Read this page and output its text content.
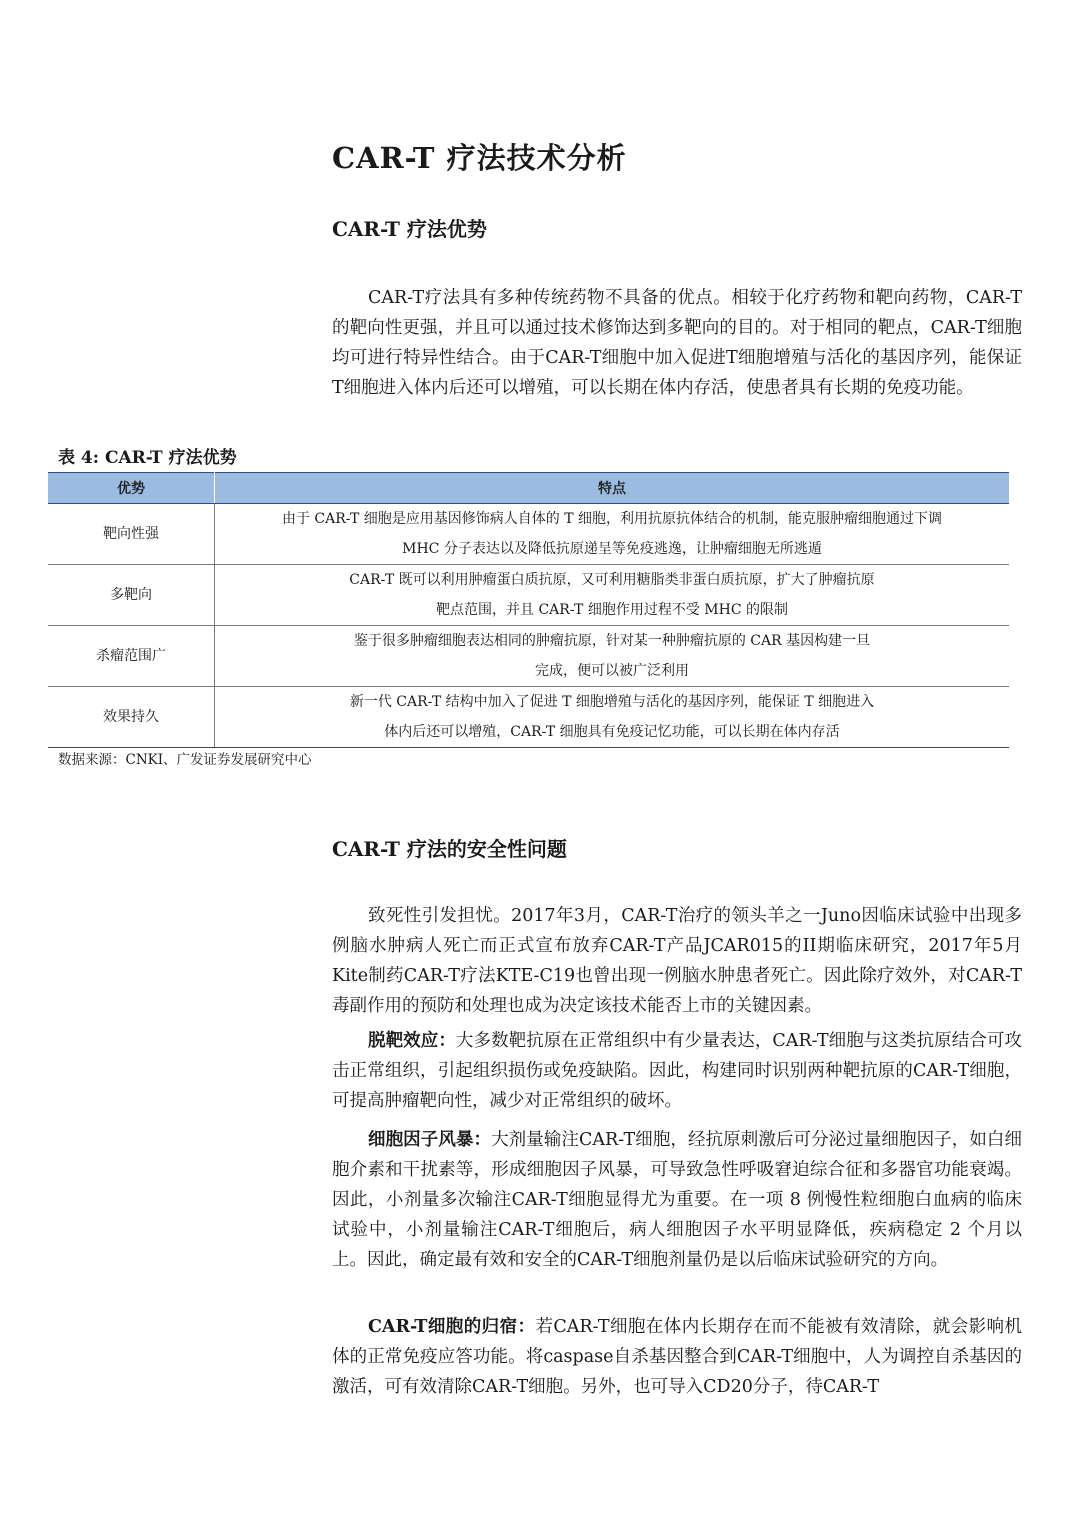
CAR-T 疗法技术分析
CAR-T 疗法优势

CAR-T疗法具有多种传统药物不具备的优点。相较于化疗药物和靶向药物，CAR-T的靶向性更强，并且可以通过技术修饰达到多靶向的目的。对于相同的靶点，CAR-T细胞均可进行特异性结合。由于CAR-T细胞中加入促进T细胞增殖与活化的基因序列，能保证T细胞进入体内后还可以增殖，可以长期在体内存活，使患者具有长期的免疫功能。

表 4: CAR-T 疗法优势

优势	特点
靶向性强	由于 CAR-T 细胞是应用基因修饰病人自体的 T 细胞，利用抗原抗体结合的机制，能克服肿瘤细胞通过下调
MHC 分子表达以及降低抗原递呈等免疫逃逸，让肿瘤细胞无所逃遁

多靶向	CAR-T 既可以利用肿瘤蛋白质抗原，又可利用糖脂类非蛋白质抗原，扩大了肿瘤抗原
靶点范围，并且 CAR-T 细胞作用过程不受 MHC 的限制

杀瘤范围广	鉴于很多肿瘤细胞表达相同的肿瘤抗原，针对某一种肿瘤抗原的 CAR 基因构建一旦
完成，便可以被广泛利用

效果持久	新一代 CAR-T 结构中加入了促进 T 细胞增殖与活化的基因序列，能保证 T 细胞进入
体内后还可以增殖，CAR-T 细胞具有免疫记忆功能，可以长期在体内存活

数据来源：CNKI、广发证券发展研究中心

CAR-T 疗法的安全性问题

致死性引发担忧。2017年3月，CAR-T治疗的领头羊之一Juno因临床试验中出现多例脑水肿病人死亡而正式宣布放弃CAR-T产品JCAR015的II期临床研究，2017年5月Kite制药CAR-T疗法KTE-C19也曾出现一例脑水肿患者死亡。因此除疗效外，对CAR-T毒副作用的预防和处理也成为决定该技术能否上市的关键因素。

脱靶效应：大多数靶抗原在正常组织中有少量表达，CAR-T细胞与这类抗原结合可攻击正常组织，引起组织损伤或免疫缺陷。因此，构建同时识别两种靶抗原的CAR-T细胞，可提高肿瘤靶向性，减少对正常组织的破坏。

细胞因子风暴：大剂量输注CAR-T细胞，经抗原刺激后可分泌过量细胞因子，如白细胞介素和干扰素等，形成细胞因子风暴，可导致急性呼吸窘迫综合征和多器官功能衰竭。因此，小剂量多次输注CAR-T细胞显得尤为重要。在一项 8 例慢性粒细胞白血病的临床试验中，小剂量输注CAR-T细胞后，病人细胞因子水平明显降低，疾病稳定 2 个月以上。因此，确定最有效和安全的CAR-T细胞剂量仍是以后临床试验研究的方向。

CAR-T细胞的归宿：若CAR-T细胞在体内长期存在而不能被有效清除，就会影响机体的正常免疫应答功能。将caspase自杀基因整合到CAR-T细胞中，人为调控自杀基因的激活，可有效清除CAR-T细胞。另外，也可导入CD20分子，待CAR-T
